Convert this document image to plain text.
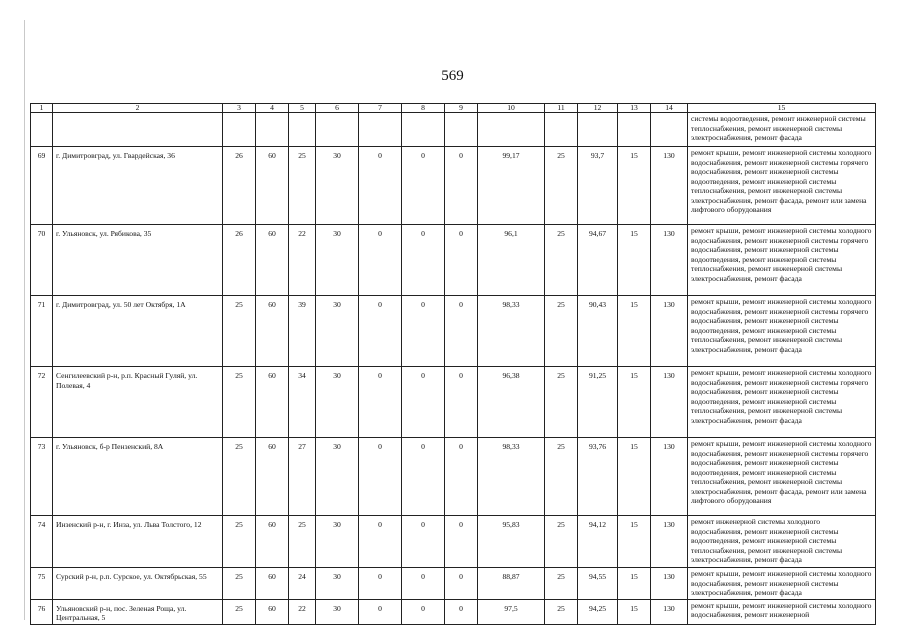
569
1	2	3	4	5	6	7	8	9	10	11	12	13	14	15
														системы водоотведения, ремонт инженерной системы теплоснабжения, ремонт инженерной системы электроснабжения, ремонт фасада
69	г. Димитровград, ул. Гвардейская, 36	26	60	25	30	0	0	0	99,17	25	93,7	15	130	ремонт крыши, ремонт инженерной системы холодного водоснабжения, ремонт инженерной системы горячего водоснабжения, ремонт инженерной системы водоотведения, ремонт инженерной системы теплоснабжения, ремонт инженерной системы электроснабжения, ремонт фасада, ремонт или замена лифтового оборудования
70	г. Ульяновск, ул. Рябикова, 35	26	60	22	30	0	0	0	96,1	25	94,67	15	130	ремонт крыши, ремонт инженерной системы холодного водоснабжения, ремонт инженерной системы горячего водоснабжения, ремонт инженерной системы водоотведения, ремонт инженерной системы теплоснабжения, ремонт инженерной системы электроснабжения, ремонт фасада
71	г. Димитровград, ул. 50 лет Октября, 1А	25	60	39	30	0	0	0	98,33	25	90,43	15	130	ремонт крыши, ремонт инженерной системы холодного водоснабжения, ремонт инженерной системы горячего водоснабжения, ремонт инженерной системы водоотведения, ремонт инженерной системы теплоснабжения, ремонт инженерной системы электроснабжения, ремонт фасада
72	Сенгилеевский р-н, р.п. Красный Гуляй, ул. Полевая, 4	25	60	34	30	0	0	0	96,38	25	91,25	15	130	ремонт крыши, ремонт инженерной системы холодного водоснабжения, ремонт инженерной системы горячего водоснабжения, ремонт инженерной системы водоотведения, ремонт инженерной системы теплоснабжения, ремонт инженерной системы электроснабжения, ремонт фасада
73	г. Ульяновск, б-р Пензенский, 8А	25	60	27	30	0	0	0	98,33	25	93,76	15	130	ремонт крыши, ремонт инженерной системы холодного водоснабжения, ремонт инженерной системы горячего водоснабжения, ремонт инженерной системы водоотведения, ремонт инженерной системы теплоснабжения, ремонт инженерной системы электроснабжения, ремонт фасада, ремонт или замена лифтового оборудования
74	Инзенский р-н, г. Инза, ул. Льва Толстого, 12	25	60	25	30	0	0	0	95,83	25	94,12	15	130	ремонт инженерной системы холодного водоснабжения, ремонт инженерной системы водоотведения, ремонт инженерной системы теплоснабжения, ремонт инженерной системы электроснабжения, ремонт фасада
75	Сурский р-н, р.п. Сурское, ул. Октябрьская, 55	25	60	24	30	0	0	0	88,87	25	94,55	15	130	ремонт крыши, ремонт инженерной системы холодного водоснабжения, ремонт инженерной системы электроснабжения, ремонт фасада
76	Ульяновский р-н, пос. Зеленая Роща, ул. Центральная, 5	25	60	22	30	0	0	0	97,5	25	94,25	15	130	ремонт крыши, ремонт инженерной системы холодного водоснабжения, ремонт инженерной
